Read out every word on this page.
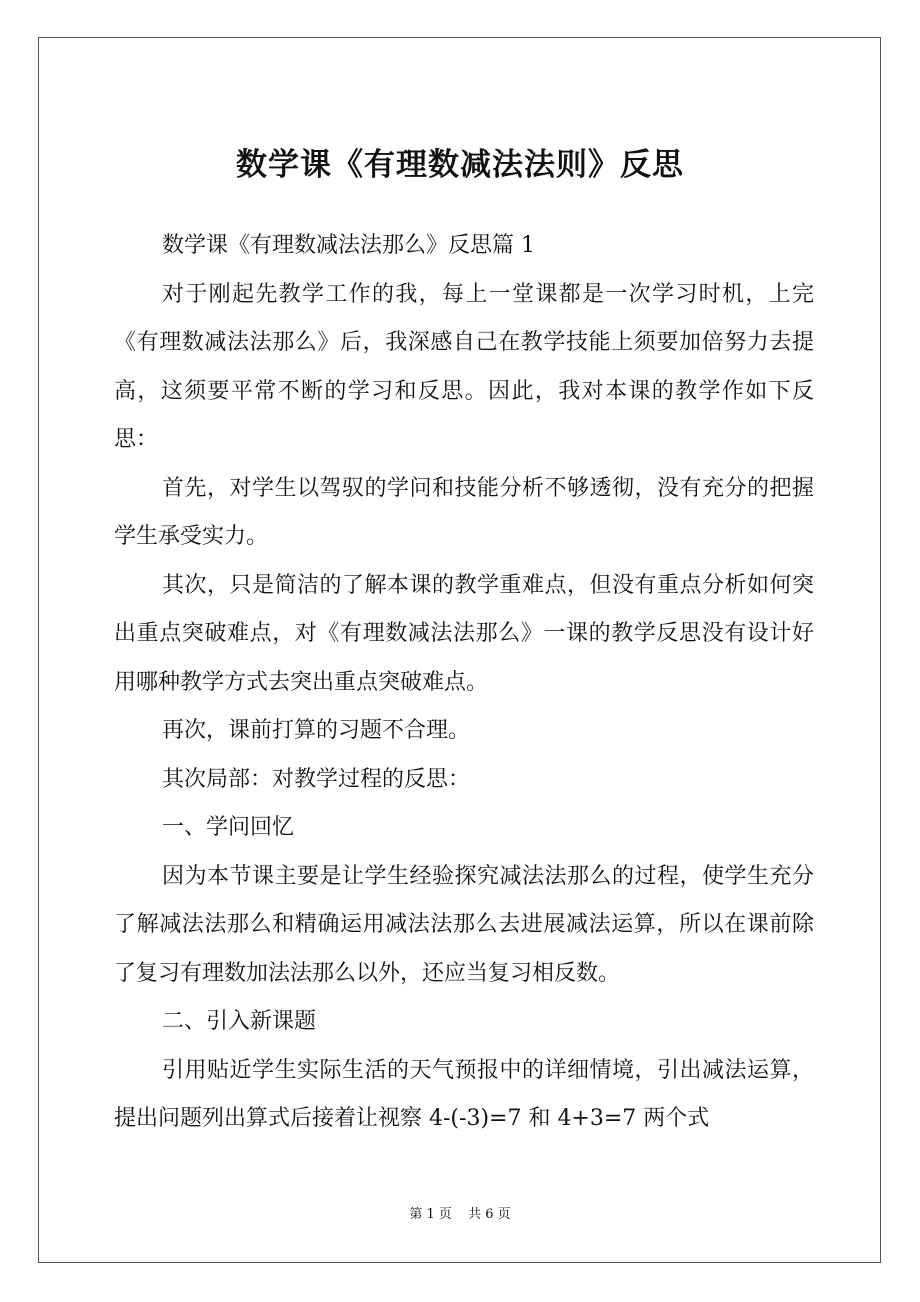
数学课《有理数减法法则》反思

数学课《有理数减法法那么》反思篇 1

对于刚起先教学工作的我，每上一堂课都是一次学习时机，上完《有理数减法法那么》后，我深感自己在教学技能上须要加倍努力去提高，这须要平常不断的学习和反思。因此，我对本课的教学作如下反思：

首先，对学生以驾驭的学问和技能分析不够透彻，没有充分的把握学生承受实力。

其次，只是简洁的了解本课的教学重难点，但没有重点分析如何突出重点突破难点，对《有理数减法法那么》一课的教学反思没有设计好用哪种教学方式去突出重点突破难点。

再次，课前打算的习题不合理。

其次局部：对教学过程的反思：

一、学问回忆

因为本节课主要是让学生经验探究减法法那么的过程，使学生充分了解减法法那么和精确运用减法法那么去进展减法运算，所以在课前除了复习有理数加法法那么以外，还应当复习相反数。

二、引入新课题

引用贴近学生实际生活的天气预报中的详细情境，引出减法运算，提出问题列出算式后接着让视察 4-(-3)=7 和 4+3=7 两个式

第 1 页 共 6 页
